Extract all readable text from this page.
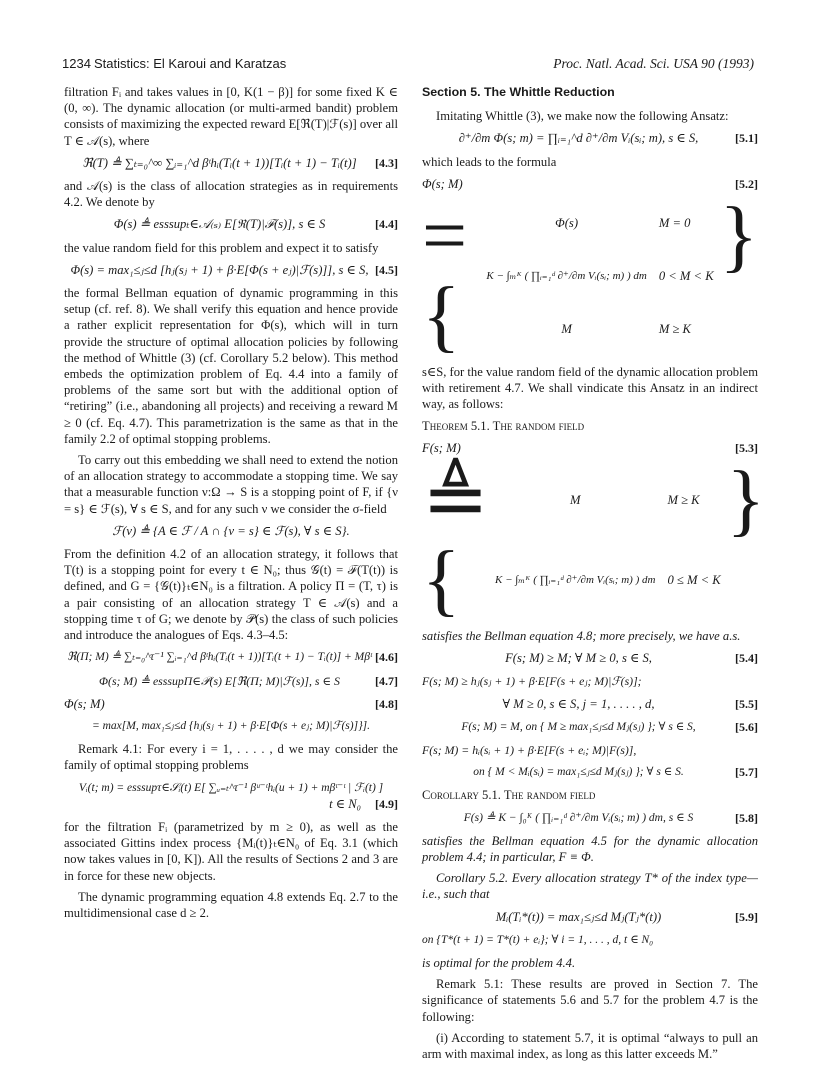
1234 Statistics: El Karoui and Karatzas	Proc. Natl. Acad. Sci. USA 90 (1993)

filtration Fᵢ and takes values in [0, K(1 − β)] for some fixed K ∈ (0, ∞). The dynamic allocation (or multi-armed bandit) problem consists of maximizing the expected reward E[ℜ(T)|ℱ(s)] over all T ∈ 𝒜(s), where

ℜ(T) ≜ ∑ₜ₌₀^∞ ∑ᵢ₌₁^d βᵗhᵢ(Tᵢ(t + 1))[Tᵢ(t + 1) − Tᵢ(t)]	[4.3]

and 𝒜(s) is the class of allocation strategies as in requirements 4.2. We denote by

Φ(s) ≜ esssupₜ∈𝒜₍ₛ₎ E[ℜ(T)|ℱ(s)], s ∈ S	[4.4]

the value random field for this problem and expect it to satisfy

Φ(s) = max₁≤ⱼ≤d [hⱼ(sⱼ + 1) + β·E[Φ(s + eⱼ)|ℱ(s)]], s ∈ S, [4.5]

the formal Bellman equation of dynamic programming in this setup (cf. ref. 8). We shall verify this equation and hence provide a rather explicit representation for Φ(s), which will in turn provide the structure of optimal allocation policies by following the method of Whittle (3) (cf. Corollary 5.2 below). This method embeds the optimization problem of Eq. 4.4 into a family of problems of the same sort but with the additional option of “retiring” (i.e., abandoning all projects) and receiving a reward M ≥ 0 (cf. Eq. 4.7). This parametrization is the same as that in the family 2.2 of optimal stopping problems.

To carry out this embedding we shall need to extend the notion of an allocation strategy to accommodate a stopping time. We say that a measurable function ν:Ω → S is a stopping point of F, if {ν = s} ∈ ℱ(s), ∀ s ∈ S, and for any such ν we consider the σ-field

ℱ(ν) ≜ {A ∈ ℱ / A ∩ {ν = s} ∈ ℱ(s), ∀ s ∈ S}.

From the definition 4.2 of an allocation strategy, it follows that T(t) is a stopping point for every t ∈ N₀; thus 𝒢(t) = ℱ(T(t)) is defined, and G = {𝒢(t)}ₜ∈N₀ is a filtration. A policy Π = (T, τ) is a pair consisting of an allocation strategy T ∈ 𝒜(s) and a stopping time τ of G; we denote by 𝒫(s) the class of such policies and introduce the analogues of Eqs. 4.3–4.5:

ℜ(Π; M) ≜ ∑ₜ₌₀^τ⁻¹ ∑ᵢ₌₁^d βᵗhᵢ(Tᵢ(t + 1))[Tᵢ(t + 1) − Tᵢ(t)] + Mβᵗ [4.6]
Φ(s; M) ≜ esssupΠ∈𝒫(s) E[ℜ(Π; M)|ℱ(s)], s ∈ S	[4.7]
Φ(s; M)	[4.8]
= max[M, max₁≤ⱼ≤d {hⱼ(sⱼ + 1) + β·E[Φ(s + eⱼ; M)|ℱ(s)]}].

Remark 4.1: For every i = 1, . . . . , d we may consider the family of optimal stopping problems

Vᵢ(t; m) = esssupτ∈𝒮ᵢ(t) E[ ∑ᵤ₌ₜ^τ⁻¹ βᵘ⁻ᵗhᵢ(u + 1) + mβᵗ⁻ᵗ | ℱᵢ(t) ]
t ∈ N₀ [4.9]

for the filtration Fᵢ (parametrized by m ≥ 0), as well as the associated Gittins index process {Mᵢ(t)}ₜ∈N₀ of Eq. 3.1 (which now takes values in [0, K]). All the results of Sections 2 and 3 are in force for these new objects.

The dynamic programming equation 4.8 extends Eq. 2.7 to the multidimensional case d ≥ 2.

Section 5. The Whittle Reduction

Imitating Whittle (3), we make now the following Ansatz:

∂⁺/∂m Φ(s; m) = ∏ᵢ₌₁^d ∂⁺/∂m Vᵢ(sᵢ; m), s ∈ S,	[5.1]

which leads to the formula

Φ(s; M)	[5.2]
= {
Φ(s)	M = 0
K − ∫ₘᴷ ( ∏ᵢ₌₁ᵈ ∂⁺/∂m Vᵢ(sᵢ; m) ) dm	0 < M < K
M	M ≥ K
}

s∈S, for the value random field of the dynamic allocation problem with retirement 4.7. We shall vindicate this Ansatz in an indirect way, as follows:

Theorem 5.1. The random field
F(s; M)	[5.3]
≜ {
M	M ≥ K
K − ∫ₘᴷ ( ∏ᵢ₌₁ᵈ ∂⁺/∂m Vᵢ(sᵢ; m) ) dm	0 ≤ M < K
}

satisfies the Bellman equation 4.8; more precisely, we have a.s.

F(s; M) ≥ M; ∀ M ≥ 0, s ∈ S,	[5.4]
F(s; M) ≥ hⱼ(sⱼ + 1) + β·E[F(s + eⱼ; M)|ℱ(s)];
∀ M ≥ 0, s ∈ S, j = 1, . . . . , d,	[5.5]
F(s; M) = M, on { M ≥ max₁≤ⱼ≤d Mⱼ(sⱼ) }; ∀ s ∈ S,	[5.6]
F(s; M) = hᵢ(sᵢ + 1) + β·E[F(s + eᵢ; M)|F(s)],
on { M < Mᵢ(sᵢ) = max₁≤ⱼ≤d Mⱼ(sⱼ) }; ∀ s ∈ S.	[5.7]
Corollary 5.1. The random field
F(s) ≜ K − ∫₀ᴷ ( ∏ᵢ₌₁ᵈ ∂⁺/∂m Vᵢ(sᵢ; m) ) dm, s ∈ S	[5.8]

satisfies the Bellman equation 4.5 for the dynamic allocation problem 4.4; in particular, F ≡ Φ.

Corollary 5.2. Every allocation strategy T* of the index type—i.e., such that

Mᵢ(Tᵢ*(t)) = max₁≤ⱼ≤d Mⱼ(Tⱼ*(t))	[5.9]
on {T*(t + 1) = T*(t) + eᵢ}; ∀ i = 1, . . . , d, t ∈ N₀

is optimal for the problem 4.4.

Remark 5.1: These results are proved in Section 7. The significance of statements 5.6 and 5.7 for the problem 4.7 is the following:

(i) According to statement 5.7, it is optimal “always to pull an arm with maximal index, as long as this latter exceeds M.”
